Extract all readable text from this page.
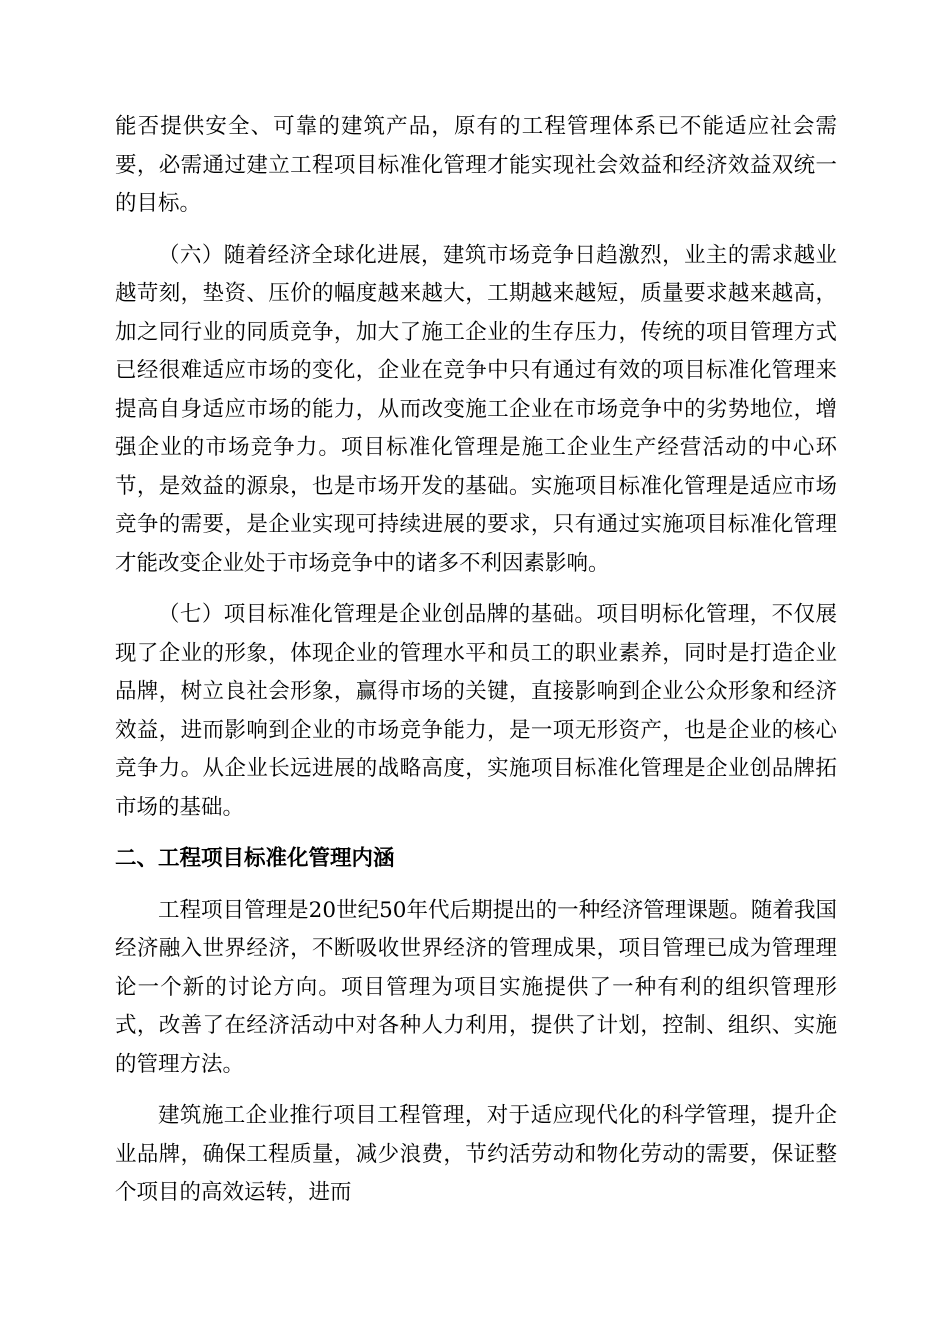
能否提供安全、可靠的建筑产品，原有的工程管理体系已不能适应社会需要，必需通过建立工程项目标准化管理才能实现社会效益和经济效益双统一的目标。

（六）随着经济全球化进展，建筑市场竞争日趋激烈，业主的需求越业越苛刻，垫资、压价的幅度越来越大，工期越来越短，质量要求越来越高，加之同行业的同质竞争，加大了施工企业的生存压力，传统的项目管理方式已经很难适应市场的变化，企业在竞争中只有通过有效的项目标准化管理来提高自身适应市场的能力，从而改变施工企业在市场竞争中的劣势地位，增强企业的市场竞争力。项目标准化管理是施工企业生产经营活动的中心环节，是效益的源泉，也是市场开发的基础。实施项目标准化管理是适应市场竞争的需要，是企业实现可持续进展的要求，只有通过实施项目标准化管理才能改变企业处于市场竞争中的诸多不利因素影响。

（七）项目标准化管理是企业创品牌的基础。项目明标化管理，不仅展现了企业的形象，体现企业的管理水平和员工的职业素养，同时是打造企业品牌，树立良社会形象，赢得市场的关键，直接影响到企业公众形象和经济效益，进而影响到企业的市场竞争能力，是一项无形资产，也是企业的核心竞争力。从企业长远进展的战略高度，实施项目标准化管理是企业创品牌拓市场的基础。

二、工程项目标准化管理内涵

工程项目管理是20世纪50年代后期提出的一种经济管理课题。随着我国经济融入世界经济，不断吸收世界经济的管理成果，项目管理已成为管理理论一个新的讨论方向。项目管理为项目实施提供了一种有利的组织管理形式，改善了在经济活动中对各种人力利用，提供了计划，控制、组织、实施的管理方法。

建筑施工企业推行项目工程管理，对于适应现代化的科学管理，提升企业品牌，确保工程质量，减少浪费，节约活劳动和物化劳动的需要，保证整个项目的高效运转，进而
